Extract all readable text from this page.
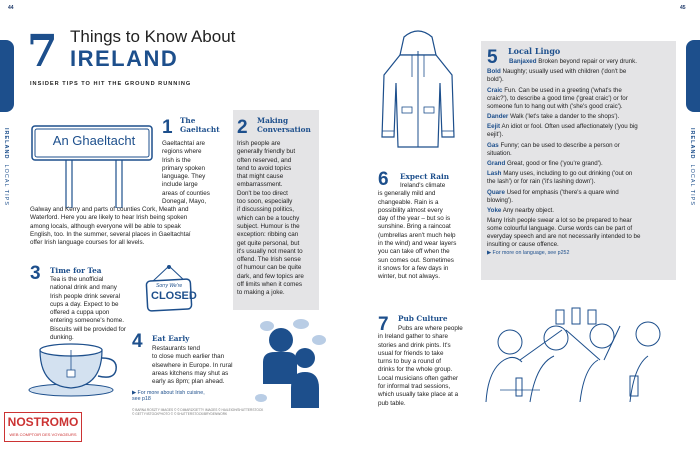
44	45
IRELAND  LOCAL TIPS
IRELAND  LOCAL TIPS
7 Things to Know About
IRELAND
INSIDER TIPS TO HIT THE GROUND RUNNING
An Ghaeltacht
1 The
Gaeltacht
Gaeltachtaí are
regions where
Irish is the
primary spoken
language. They
include large
areas of counties
Donegal, Mayo,
Galway and Kerry and parts of counties Cork, Meath and
Waterford. Here you are likely to hear Irish being spoken
among locals, although everyone will be able to speak
English, too. In the summer, several places in Gaeltachtaí
offer Irish language courses for all levels.
2 Making
Conversation
Irish people are
generally friendly but
often reserved, and
tend to avoid topics
that might cause
embarrassment.
Don't be too direct
too soon, especially
if discussing politics,
which can be a touchy
subject. Humour is the
exception: ribbing can
get quite personal, but
it's usually not meant to
offend. The Irish sense
of humour can be quite
dark, and few topics are
off limits when it comes
to making a joke.
3 Time for Tea
Tea is the unofficial
national drink and many
Irish people drink several
cups a day. Expect to be
offered a cuppa upon
entering someone's home.
Biscuits will be provided for
dunking.
Sorry We're
CLOSED
4 Eat Early
Restaurants tend
to close much earlier than
elsewhere in Europe. In rural
areas kitchens may shut as
early as 8pm; plan ahead.
▶ For more about Irish cuisine,
see p18
© BARNA ROSZTY IMAGES © © DIMARZ/GETTY IMAGES © HAILEIGH/SHUTTERSTOCK
© GETTY/ISTOCKPHOTO © © SHUTTERSTOCK/BRYDENWORK
NOSTROMO
WEB COMPTOIR DES VOYAGEURS
6 Expect Rain
Ireland's climate
is generally mild and
changeable. Rain is a
possibility almost every
day of the year – but so is
sunshine. Bring a raincoat
(umbrellas aren't much help
in the wind) and wear layers
you can take off when the
sun comes out. Sometimes
it snows for a few days in
winter, but not always.
7 Pub Culture
Pubs are where people
in Ireland gather to share
stories and drink pints. It's
usual for friends to take
turns to buy a round of
drinks for the whole group.
Local musicians often gather
for informal trad sessions,
which usually take place at a
pub table.
5 Local Lingo
Banjaxed Broken beyond repair or very drunk.
Bold Naughty; usually used with children ('don't be
bold').
Craic Fun. Can be used in a greeting ('what's the
craic?'), to describe a good time ('great craic') or for
someone fun to hang out with ('she's good craic').
Dander Walk ('let's take a dander to the shops').
Eejit An idiot or fool. Often used affectionately ('you big
eejit').
Gas Funny; can be used to describe a person or
situation.
Grand Great, good or fine ('you're grand').
Lash Many uses, including to go out drinking ('out on
the lash') or for rain ('it's lashing down').
Quare Used for emphasis ('there's a quare wind
blowing').
Yoke Any nearby object.
Many Irish people swear a lot so be prepared to hear
some colourful language. Curse words can be part of
everyday speech and are not necessarily intended to be
insulting or cause offence.
▶ For more on language, see p252
